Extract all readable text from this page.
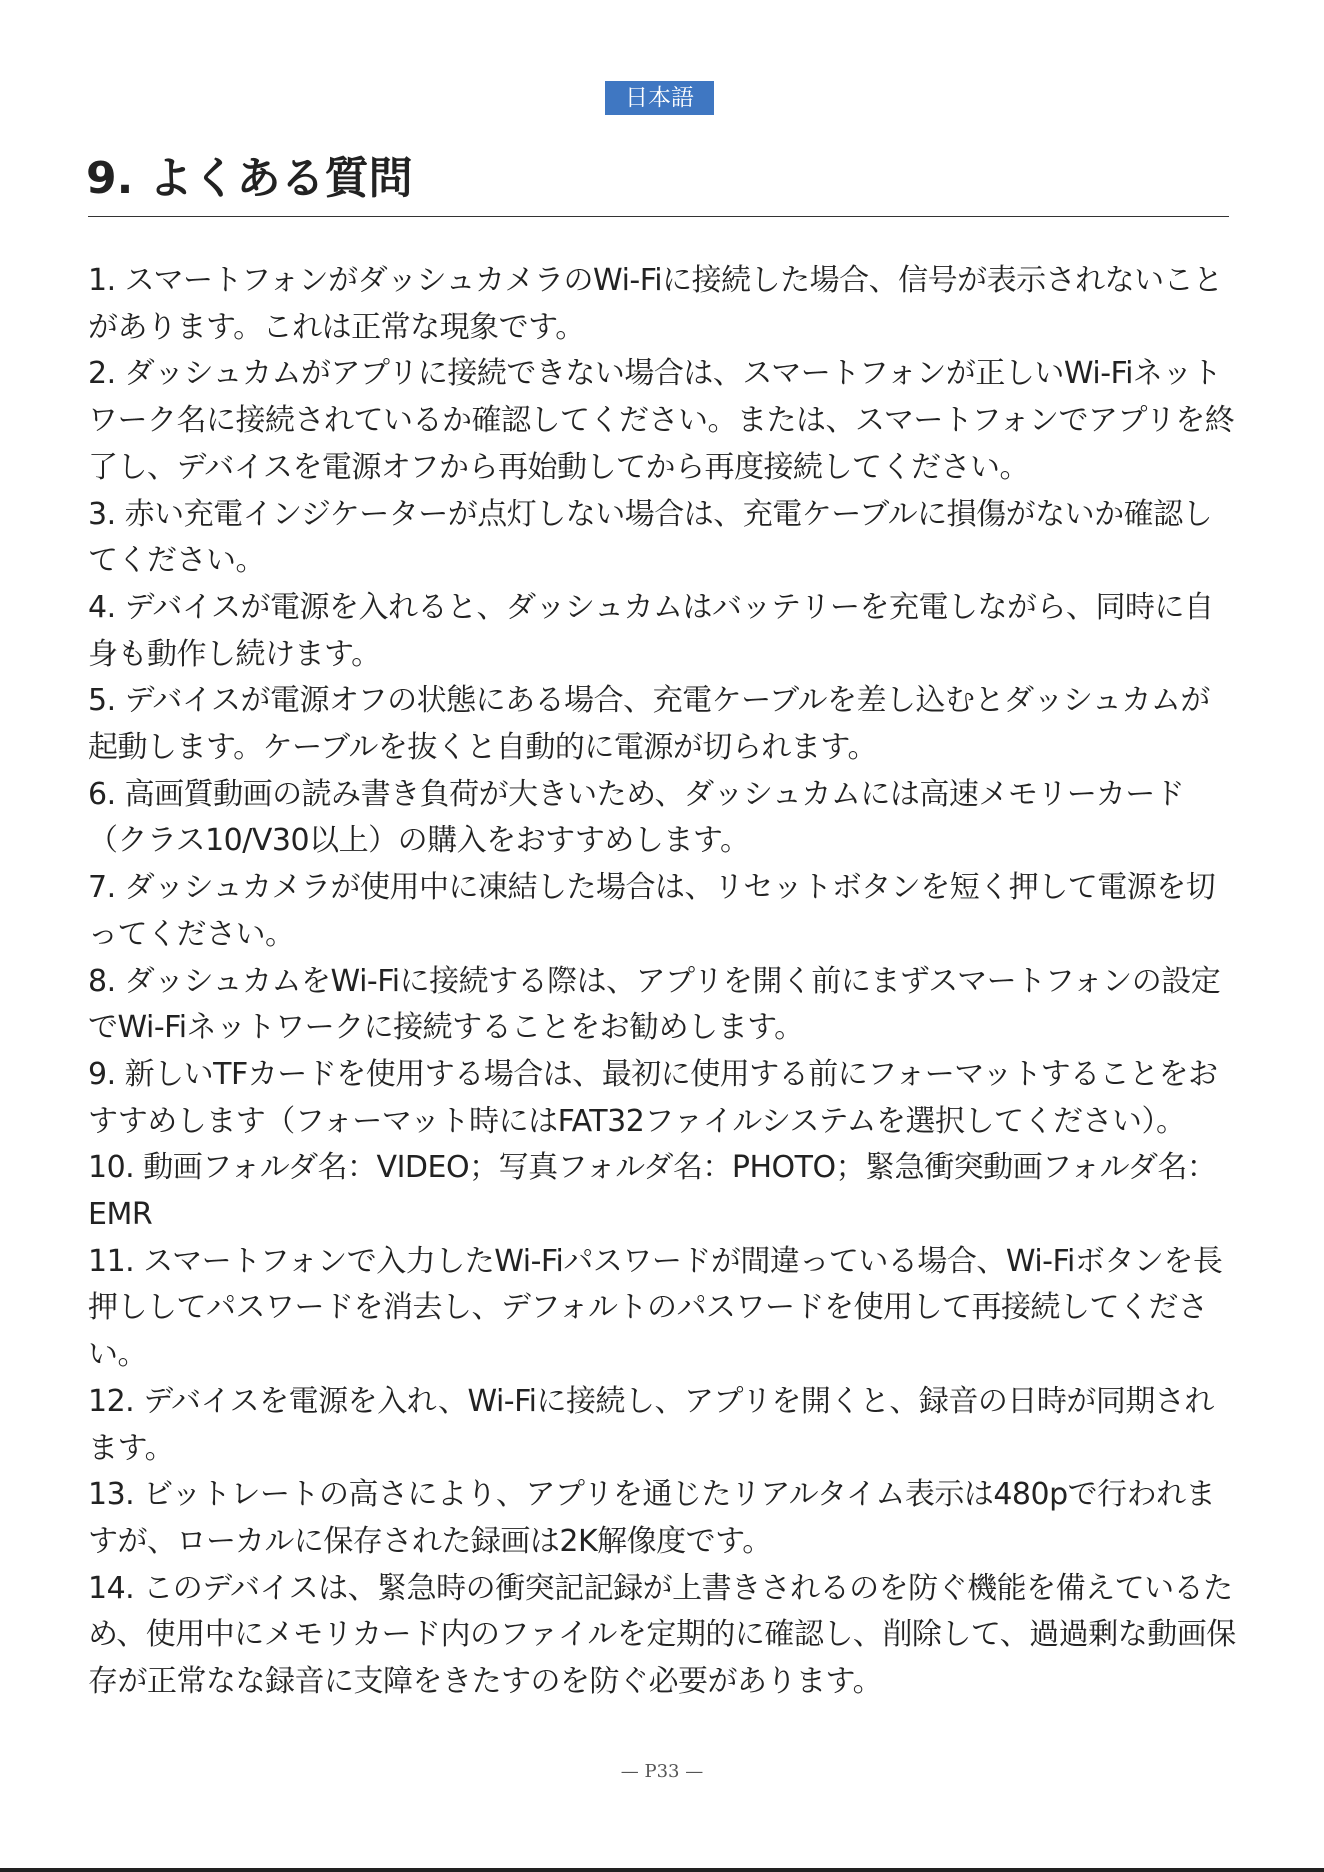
日本語
9. よくある質問
1. スマートフォンがダッシュカメラのWi-Fiに接続した場合、信号が表示されないことがあります。これは正常な現象です。
2. ダッシュカムがアプリに接続できない場合は、スマートフォンが正しいWi-Fiネットワーク名に接続されているか確認してください。または、スマートフォンでアプリを終了し、デバイスを電源オフから再始動してから再度接続してください。
3. 赤い充電インジケーターが点灯しない場合は、充電ケーブルに損傷がないか確認してください。
4. デバイスが電源を入れると、ダッシュカムはバッテリーを充電しながら、同時に自身も動作し続けます。
5. デバイスが電源オフの状態にある場合、充電ケーブルを差し込むとダッシュカムが起動します。ケーブルを抜くと自動的に電源が切られます。
6. 高画質動画の読み書き負荷が大きいため、ダッシュカムには高速メモリーカード（クラス10/V30以上）の購入をおすすめします。
7. ダッシュカメラが使用中に凍結した場合は、リセットボタンを短く押して電源を切ってください。
8. ダッシュカムをWi-Fiに接続する際は、アプリを開く前にまずスマートフォンの設定でWi-Fiネットワークに接続することをお勧めします。
9. 新しいTFカードを使用する場合は、最初に使用する前にフォーマットすることをおすすめします（フォーマット時にはFAT32ファイルシステムを選択してください）。
10. 動画フォルダ名：VIDEO；写真フォルダ名：PHOTO；緊急衝突動画フォルダ名：EMR
11. スマートフォンで入力したWi-Fiパスワードが間違っている場合、Wi-Fiボタンを長押ししてパスワードを消去し、デフォルトのパスワードを使用して再接続してください。
12. デバイスを電源を入れ、Wi-Fiに接続し、アプリを開くと、録音の日時が同期されます。
13. ビットレートの高さにより、アプリを通じたリアルタイム表示は480pで行われますが、ローカルに保存された録画は2K解像度です。
14. このデバイスは、緊急時の衝突記記録が上書きされるのを防ぐ機能を備えているため、使用中にメモリカード内のファイルを定期的に確認し、削除して、過過剰な動画保存が正常なな録音に支障をきたすのを防ぐ必要があります。
— P33 —
